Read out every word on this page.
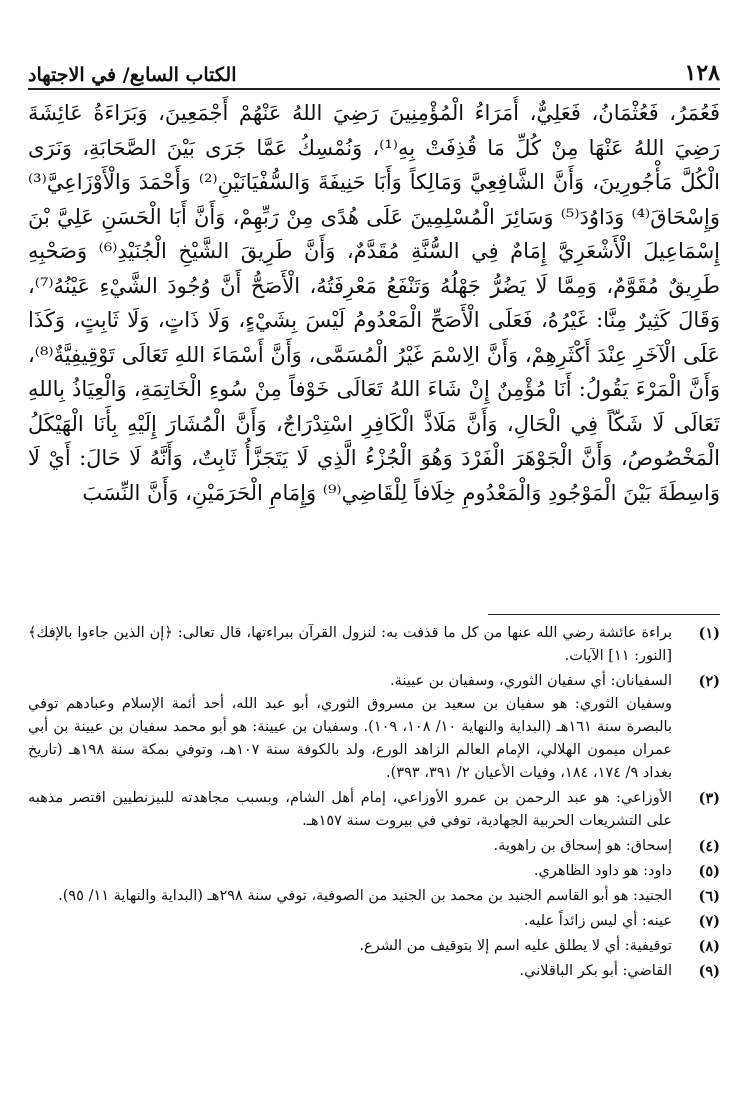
١٢٨
الكتاب السابع/ في الاجتهاد

فَعُمَرُ، فَعُثْمَانُ، فَعَلِيٌّ، أُمَرَاءُ الْمُؤْمِنِينَ رَضِيَ اللهُ عَنْهُمْ أَجْمَعِينَ، وَبَرَاءَةُ عَائِشَةَ رَضِيَ اللهُ عَنْهَا مِنْ كُلِّ مَا قُذِفَتْ بِهِ⁽¹⁾، وَنُمْسِكُ عَمَّا جَرَى بَيْنَ الصَّحَابَةِ، وَنَرَى الْكُلَّ مَأْجُورِينَ، وَأَنَّ الشَّافِعِيَّ وَمَالِكاً وَأَبَا حَنِيفَةَ وَالسُّفْيَانَيْنِ⁽²⁾ وَأَحْمَدَ وَالْأَوْزَاعِيَّ⁽³⁾ وَإِسْحَاقَ⁽⁴⁾ وَدَاوُدَ⁽⁵⁾ وَسَائِرَ الْمُسْلِمِينَ عَلَى هُدًى مِنْ رَبِّهِمْ، وَأَنَّ أَبَا الْحَسَنِ عَلِيَّ بْنَ إِسْمَاعِيلَ الْأَشْعَرِيَّ إِمَامٌ فِي السُّنَّةِ مُقَدَّمٌ، وَأَنَّ طَرِيقَ الشَّيْخِ الْجُنَيْدِ⁽⁶⁾ وَصَحْبِهِ طَرِيقٌ مُقَوَّمٌ، وَمِمَّا لَا يَضُرُّ جَهْلُهُ وَتَنْفَعُ مَعْرِفَتُهُ، الْأَصَحُّ أَنَّ وُجُودَ الشَّيْءِ عَيْنُهُ⁽⁷⁾، وَقَالَ كَثِيرٌ مِنَّا: غَيْرُهُ، فَعَلَى الْأَصَحِّ الْمَعْدُومُ لَيْسَ بِشَيْءٍ، وَلَا ذَاتٍ، وَلَا ثَابِتٍ، وَكَذَا عَلَى الْآخَرِ عِنْدَ أَكْثَرِهِمْ، وَأَنَّ الِاسْمَ غَيْرُ الْمُسَمَّى، وَأَنَّ أَسْمَاءَ اللهِ تَعَالَى تَوْقِيفِيَّةٌ⁽⁸⁾، وَأَنَّ الْمَرْءَ يَقُولُ: أَنَا مُؤْمِنٌ إِنْ شَاءَ اللهُ تَعَالَى خَوْفاً مِنْ سُوءِ الْخَاتِمَةِ، وَالْعِيَاذُ بِاللهِ تَعَالَى لَا شَكّاً فِي الْحَالِ، وَأَنَّ مَلَاذَّ الْكَافِرِ اسْتِدْرَاجٌ، وَأَنَّ الْمُشَارَ إِلَيْهِ بِأَنَا الْهَيْكَلُ الْمَخْصُوصُ، وَأَنَّ الْجَوْهَرَ الْفَرْدَ وَهُوَ الْجُزْءُ الَّذِي لَا يَتَجَزَّأُ ثَابِتٌ، وَأَنَّهُ لَا حَالَ: أَيْ لَا وَاسِطَةَ بَيْنَ الْمَوْجُودِ وَالْمَعْدُومِ خِلَافاً لِلْقَاضِي⁽⁹⁾ وَإِمَامِ الْحَرَمَيْنِ، وَأَنَّ النِّسَبَ

(١)
براءة عائشة رضي الله عنها من كل ما قذفت به: لنزول القرآن ببراءتها، قال تعالى: ﴿إن الذين جاءوا بالإفك﴾ [النور: ١١] الآيات.
(٢)
السفيانان: أي سفيان الثوري، وسفيان بن عيينة.
وسفيان الثوري: هو سفيان بن سعيد بن مسروق الثوري، أبو عبد الله، أحد أئمة الإسلام وعبادهم توفي بالبصرة سنة ١٦١هـ (البداية والنهاية ١٠/ ١٠٨، ١٠٩). وسفيان بن عيينة: هو أبو محمد سفيان بن عيينة بن أبي عمران ميمون الهلالي، الإمام العالم الزاهد الورع، ولد بالكوفة سنة ١٠٧هـ، وتوفي بمكة سنة ١٩٨هـ (تاريخ بغداد ٩/ ١٧٤، ١٨٤، وفيات الأعيان ٢/ ٣٩١، ٣٩٣).
(٣)
الأوزاعي: هو عبد الرحمن بن عمرو الأوزاعي، إمام أهل الشام، وبسبب مجاهدته للبيزنطيين اقتصر مذهبه على التشريعات الحربية الجهادية، توفي في بيروت سنة ١٥٧هـ.
(٤)
إسحاق: هو إسحاق بن راهوية.
(٥)
داود: هو داود الظاهري.
(٦)
الجنيد: هو أبو القاسم الجنيد بن محمد بن الجنيد من الصوفية، توفي سنة ٢٩٨هـ (البداية والنهاية ١١/ ٩٥).
(٧)
عينه: أي ليس زائداً عليه.
(٨)
توقيفية: أي لا يطلق عليه اسم إلا بتوقيف من الشرع.
(٩)
القاضي: أبو بكر الباقلاني.
